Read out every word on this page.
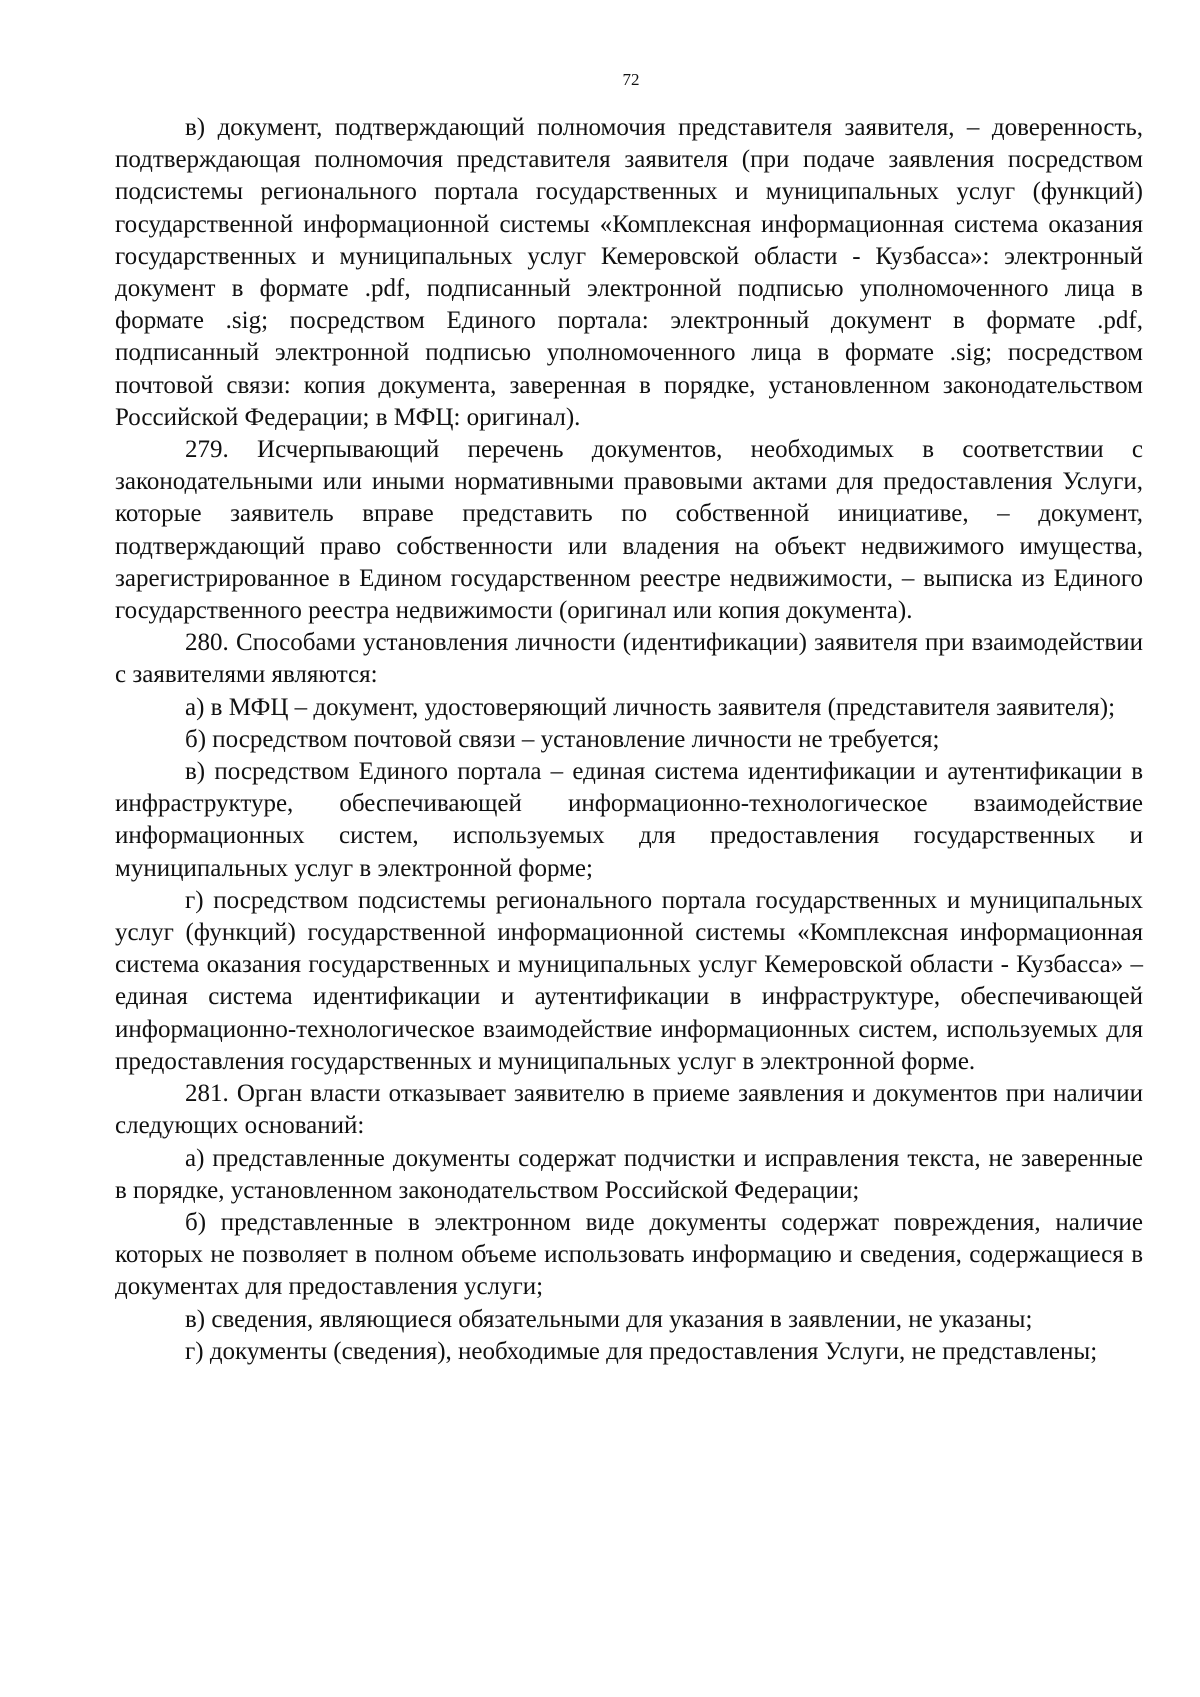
72

в) документ, подтверждающий полномочия представителя заявителя, – доверенность, подтверждающая полномочия представителя заявителя (при подаче заявления посредством подсистемы регионального портала государственных и муниципальных услуг (функций) государственной информационной системы «Комплексная информационная система оказания государственных и муниципальных услуг Кемеровской области - Кузбасса»: электронный документ в формате .pdf, подписанный электронной подписью уполномоченного лица в формате .sig; посредством Единого портала: электронный документ в формате .pdf, подписанный электронной подписью уполномоченного лица в формате .sig; посредством почтовой связи: копия документа, заверенная в порядке, установленном законодательством Российской Федерации; в МФЦ: оригинал).

279. Исчерпывающий перечень документов, необходимых в соответствии с законодательными или иными нормативными правовыми актами для предоставления Услуги, которые заявитель вправе представить по собственной инициативе, – документ, подтверждающий право собственности или владения на объект недвижимого имущества, зарегистрированное в Едином государственном реестре недвижимости, – выписка из Единого государственного реестра недвижимости (оригинал или копия документа).

280. Способами установления личности (идентификации) заявителя при взаимодействии с заявителями являются:

а) в МФЦ – документ, удостоверяющий личность заявителя (представителя заявителя);

б) посредством почтовой связи – установление личности не требуется;

в) посредством Единого портала – единая система идентификации и аутентификации в инфраструктуре, обеспечивающей информационно-технологическое взаимодействие информационных систем, используемых для предоставления государственных и муниципальных услуг в электронной форме;

г) посредством подсистемы регионального портала государственных и муниципальных услуг (функций) государственной информационной системы «Комплексная информационная система оказания государственных и муниципальных услуг Кемеровской области - Кузбасса» – единая система идентификации и аутентификации в инфраструктуре, обеспечивающей информационно-технологическое взаимодействие информационных систем, используемых для предоставления государственных и муниципальных услуг в электронной форме.

281. Орган власти отказывает заявителю в приеме заявления и документов при наличии следующих оснований:

а) представленные документы содержат подчистки и исправления текста, не заверенные в порядке, установленном законодательством Российской Федерации;

б) представленные в электронном виде документы содержат повреждения, наличие которых не позволяет в полном объеме использовать информацию и сведения, содержащиеся в документах для предоставления услуги;

в) сведения, являющиеся обязательными для указания в заявлении, не указаны;

г) документы (сведения), необходимые для предоставления Услуги, не представлены;
